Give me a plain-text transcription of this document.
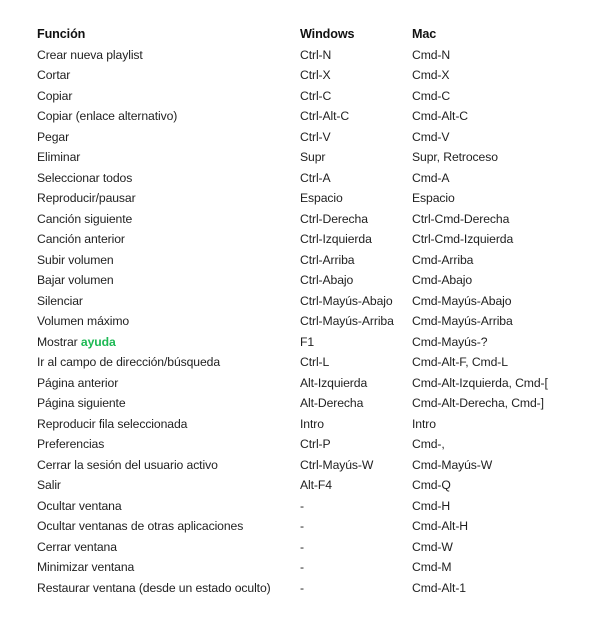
Función	Windows	Mac
Crear nueva playlist	Ctrl-N	Cmd-N
Cortar	Ctrl-X	Cmd-X
Copiar	Ctrl-C	Cmd-C
Copiar (enlace alternativo)	Ctrl-Alt-C	Cmd-Alt-C
Pegar	Ctrl-V	Cmd-V
Eliminar	Supr	Supr, Retroceso
Seleccionar todos	Ctrl-A	Cmd-A
Reproducir/pausar	Espacio	Espacio
Canción siguiente	Ctrl-Derecha	Ctrl-Cmd-Derecha
Canción anterior	Ctrl-Izquierda	Ctrl-Cmd-Izquierda
Subir volumen	Ctrl-Arriba	Cmd-Arriba
Bajar volumen	Ctrl-Abajo	Cmd-Abajo
Silenciar	Ctrl-Mayús-Abajo	Cmd-Mayús-Abajo
Volumen máximo	Ctrl-Mayús-Arriba	Cmd-Mayús-Arriba
Mostrar ayuda	F1	Cmd-Mayús-?
Ir al campo de dirección/búsqueda	Ctrl-L	Cmd-Alt-F, Cmd-L
Página anterior	Alt-Izquierda	Cmd-Alt-Izquierda, Cmd-[
Página siguiente	Alt-Derecha	Cmd-Alt-Derecha, Cmd-]
Reproducir fila seleccionada	Intro	Intro
Preferencias	Ctrl-P	Cmd-,
Cerrar la sesión del usuario activo	Ctrl-Mayús-W	Cmd-Mayús-W
Salir	Alt-F4	Cmd-Q
Ocultar ventana	-	Cmd-H
Ocultar ventanas de otras aplicaciones	-	Cmd-Alt-H
Cerrar ventana	-	Cmd-W
Minimizar ventana	-	Cmd-M
Restaurar ventana (desde un estado oculto)	-	Cmd-Alt-1
